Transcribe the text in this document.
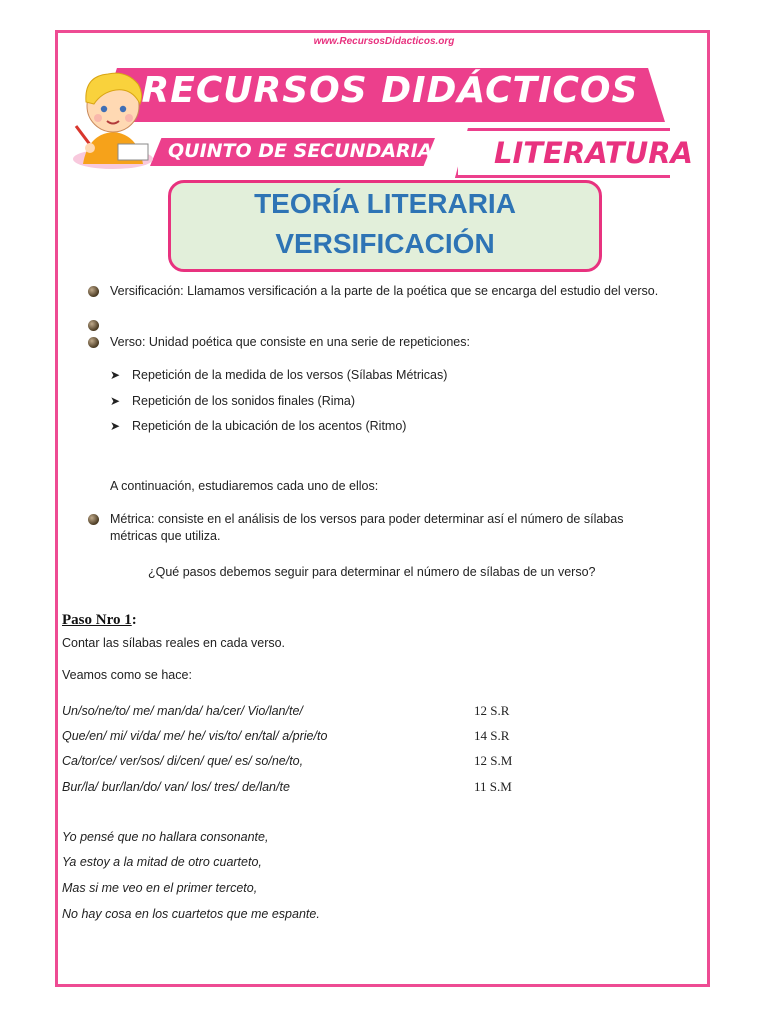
www.RecursosDidacticos.org
RECURSOS DIDÁCTICOS
QUINTO DE SECUNDARIA LITERATURA
TEORÍA LITERARIA
VERSIFICACIÓN
Versificación: Llamamos versificación a la parte de la poética que se encarga del estudio del verso.
Verso: Unidad poética que consiste en una serie de repeticiones:
➤ Repetición de la medida de los versos (Sílabas Métricas)
➤ Repetición de los sonidos finales (Rima)
➤ Repetición de la ubicación de los acentos (Ritmo)
A continuación, estudiaremos cada uno de ellos:
Métrica: consiste en el análisis de los versos para poder determinar así el número de sílabas
métricas que utiliza.
¿Qué pasos debemos seguir para determinar el número de sílabas de un verso?
Paso Nro 1:
Contar las sílabas reales en cada verso.
Veamos como se hace:
Un/so/ne/to/ me/ man/da/ ha/cer/ Vio/lan/te/	12 S.R
Que/en/ mi/ vi/da/ me/ he/ vis/to/ en/tal/ a/prie/to	14 S.R
Ca/tor/ce/ ver/sos/ di/cen/ que/ es/ so/ne/to,	12 S.M
Bur/la/ bur/lan/do/ van/ los/ tres/ de/lan/te	11 S.M
Yo pensé que no hallara consonante,
Ya estoy a la mitad de otro cuarteto,
Mas si me veo en el primer terceto,
No hay cosa en los cuartetos que me espante.
